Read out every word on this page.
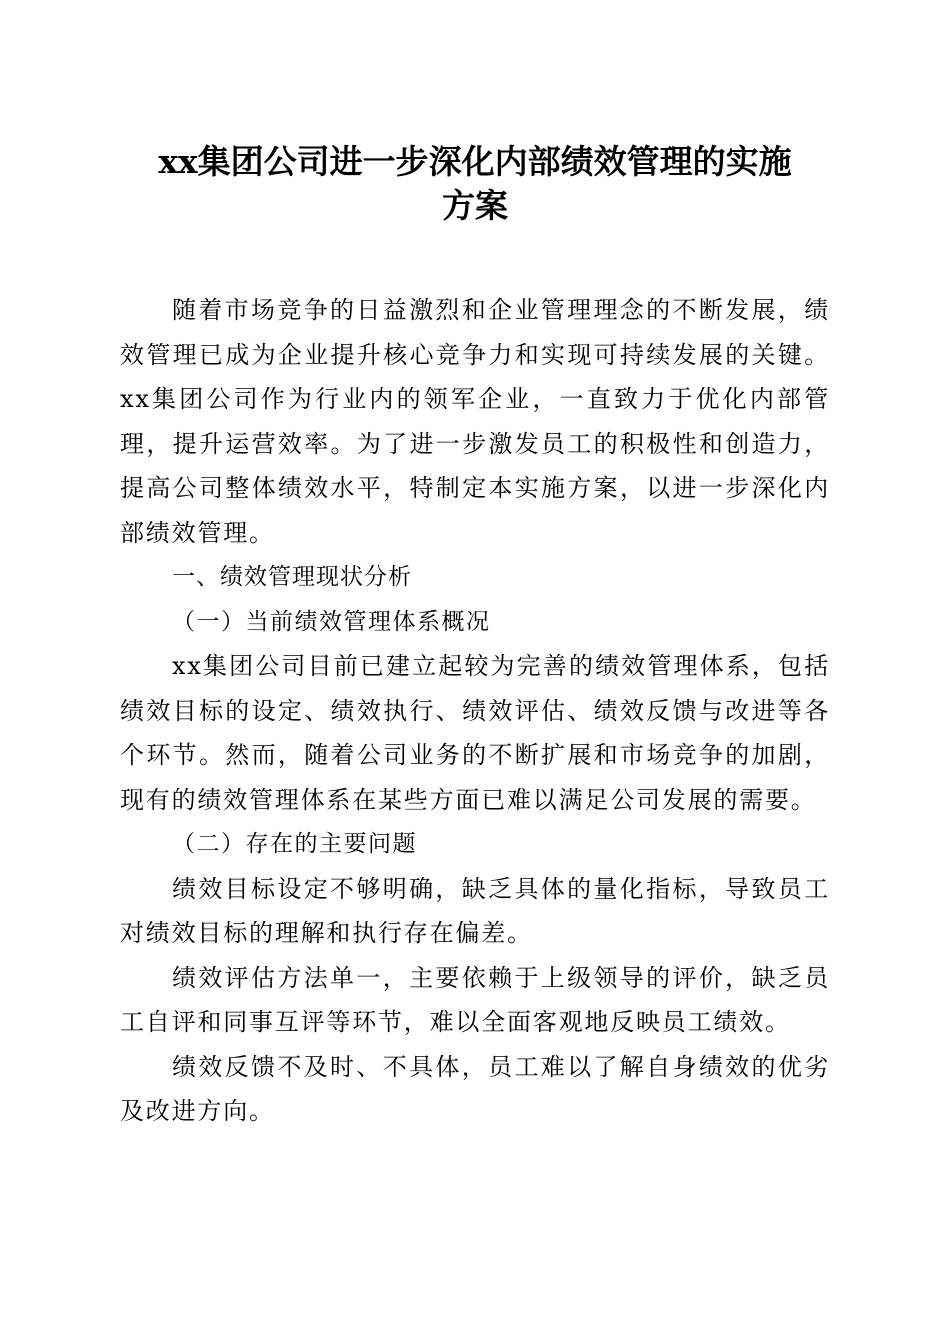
xx集团公司进一步深化内部绩效管理的实施
方案

随着市场竞争的日益激烈和企业管理理念的不断发展，绩效管理已成为企业提升核心竞争力和实现可持续发展的关键。xx集团公司作为行业内的领军企业，一直致力于优化内部管理，提升运营效率。为了进一步激发员工的积极性和创造力，提高公司整体绩效水平，特制定本实施方案，以进一步深化内部绩效管理。

一、绩效管理现状分析

（一）当前绩效管理体系概况

xx集团公司目前已建立起较为完善的绩效管理体系，包括绩效目标的设定、绩效执行、绩效评估、绩效反馈与改进等各个环节。然而，随着公司业务的不断扩展和市场竞争的加剧，现有的绩效管理体系在某些方面已难以满足公司发展的需要。

（二）存在的主要问题

绩效目标设定不够明确，缺乏具体的量化指标，导致员工对绩效目标的理解和执行存在偏差。

绩效评估方法单一，主要依赖于上级领导的评价，缺乏员工自评和同事互评等环节，难以全面客观地反映员工绩效。

绩效反馈不及时、不具体，员工难以了解自身绩效的优劣及改进方向。
